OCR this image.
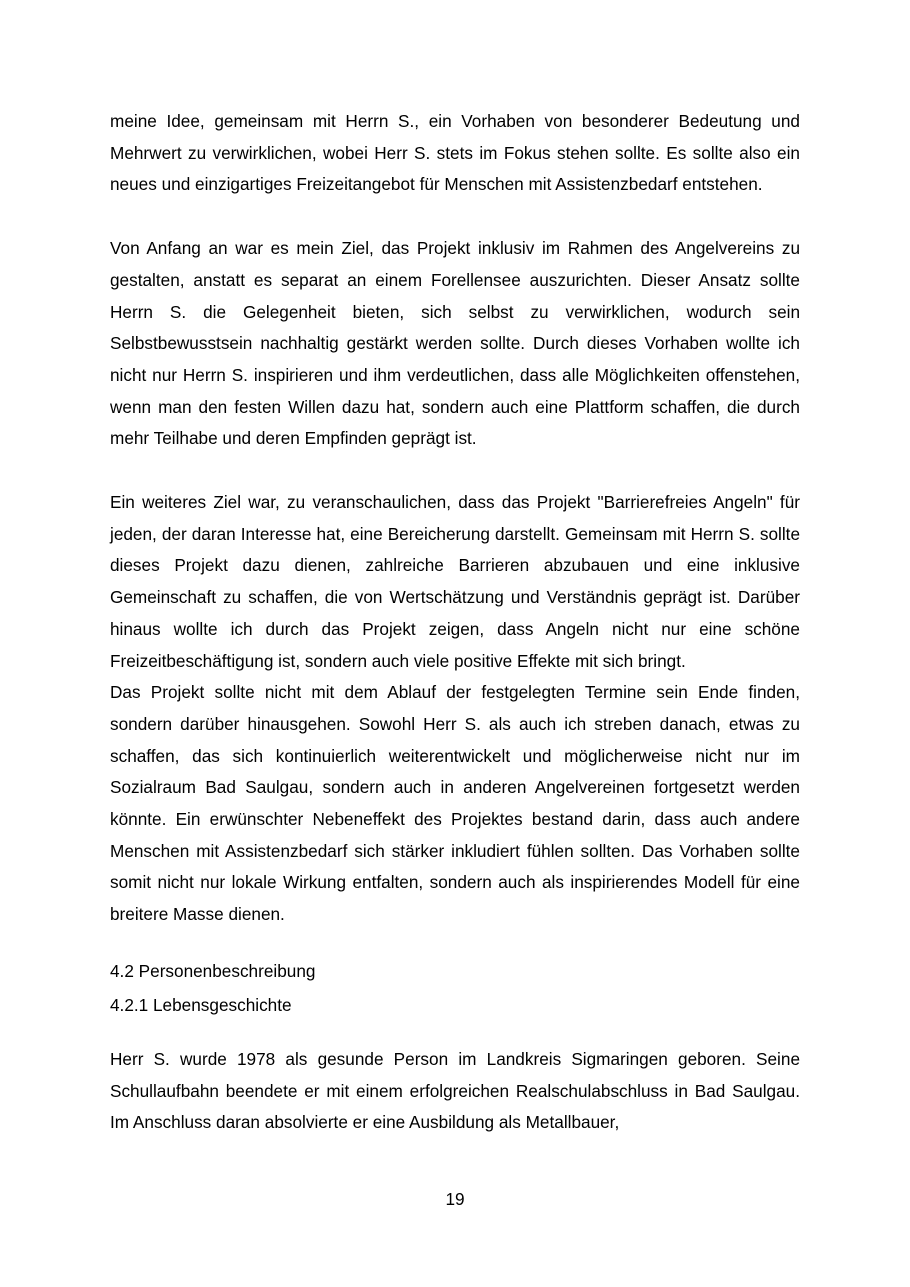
meine Idee, gemeinsam mit Herrn S., ein Vorhaben von besonderer Bedeutung und Mehrwert zu verwirklichen, wobei Herr S. stets im Fokus stehen sollte. Es sollte also ein neues und einzigartiges Freizeitangebot für Menschen mit Assistenzbedarf entstehen.

Von Anfang an war es mein Ziel, das Projekt inklusiv im Rahmen des Angelvereins zu gestalten, anstatt es separat an einem Forellensee auszurichten. Dieser Ansatz sollte Herrn S. die Gelegenheit bieten, sich selbst zu verwirklichen, wodurch sein Selbstbewusstsein nachhaltig gestärkt werden sollte. Durch dieses Vorhaben wollte ich nicht nur Herrn S. inspirieren und ihm verdeutlichen, dass alle Möglichkeiten offenstehen, wenn man den festen Willen dazu hat, sondern auch eine Plattform schaffen, die durch mehr Teilhabe und deren Empfinden geprägt ist.

Ein weiteres Ziel war, zu veranschaulichen, dass das Projekt "Barrierefreies Angeln" für jeden, der daran Interesse hat, eine Bereicherung darstellt. Gemeinsam mit Herrn S. sollte dieses Projekt dazu dienen, zahlreiche Barrieren abzubauen und eine inklusive Gemeinschaft zu schaffen, die von Wertschätzung und Verständnis geprägt ist. Darüber hinaus wollte ich durch das Projekt zeigen, dass Angeln nicht nur eine schöne Freizeitbeschäftigung ist, sondern auch viele positive Effekte mit sich bringt.

Das Projekt sollte nicht mit dem Ablauf der festgelegten Termine sein Ende finden, sondern darüber hinausgehen. Sowohl Herr S. als auch ich streben danach, etwas zu schaffen, das sich kontinuierlich weiterentwickelt und möglicherweise nicht nur im Sozialraum Bad Saulgau, sondern auch in anderen Angelvereinen fortgesetzt werden könnte. Ein erwünschter Nebeneffekt des Projektes bestand darin, dass auch andere Menschen mit Assistenzbedarf sich stärker inkludiert fühlen sollten. Das Vorhaben sollte somit nicht nur lokale Wirkung entfalten, sondern auch als inspirierendes Modell für eine breitere Masse dienen.

4.2 Personenbeschreibung
4.2.1 Lebensgeschichte

Herr S. wurde 1978 als gesunde Person im Landkreis Sigmaringen geboren. Seine Schullaufbahn beendete er mit einem erfolgreichen Realschulabschluss in Bad Saulgau. Im Anschluss daran absolvierte er eine Ausbildung als Metallbauer,

19
